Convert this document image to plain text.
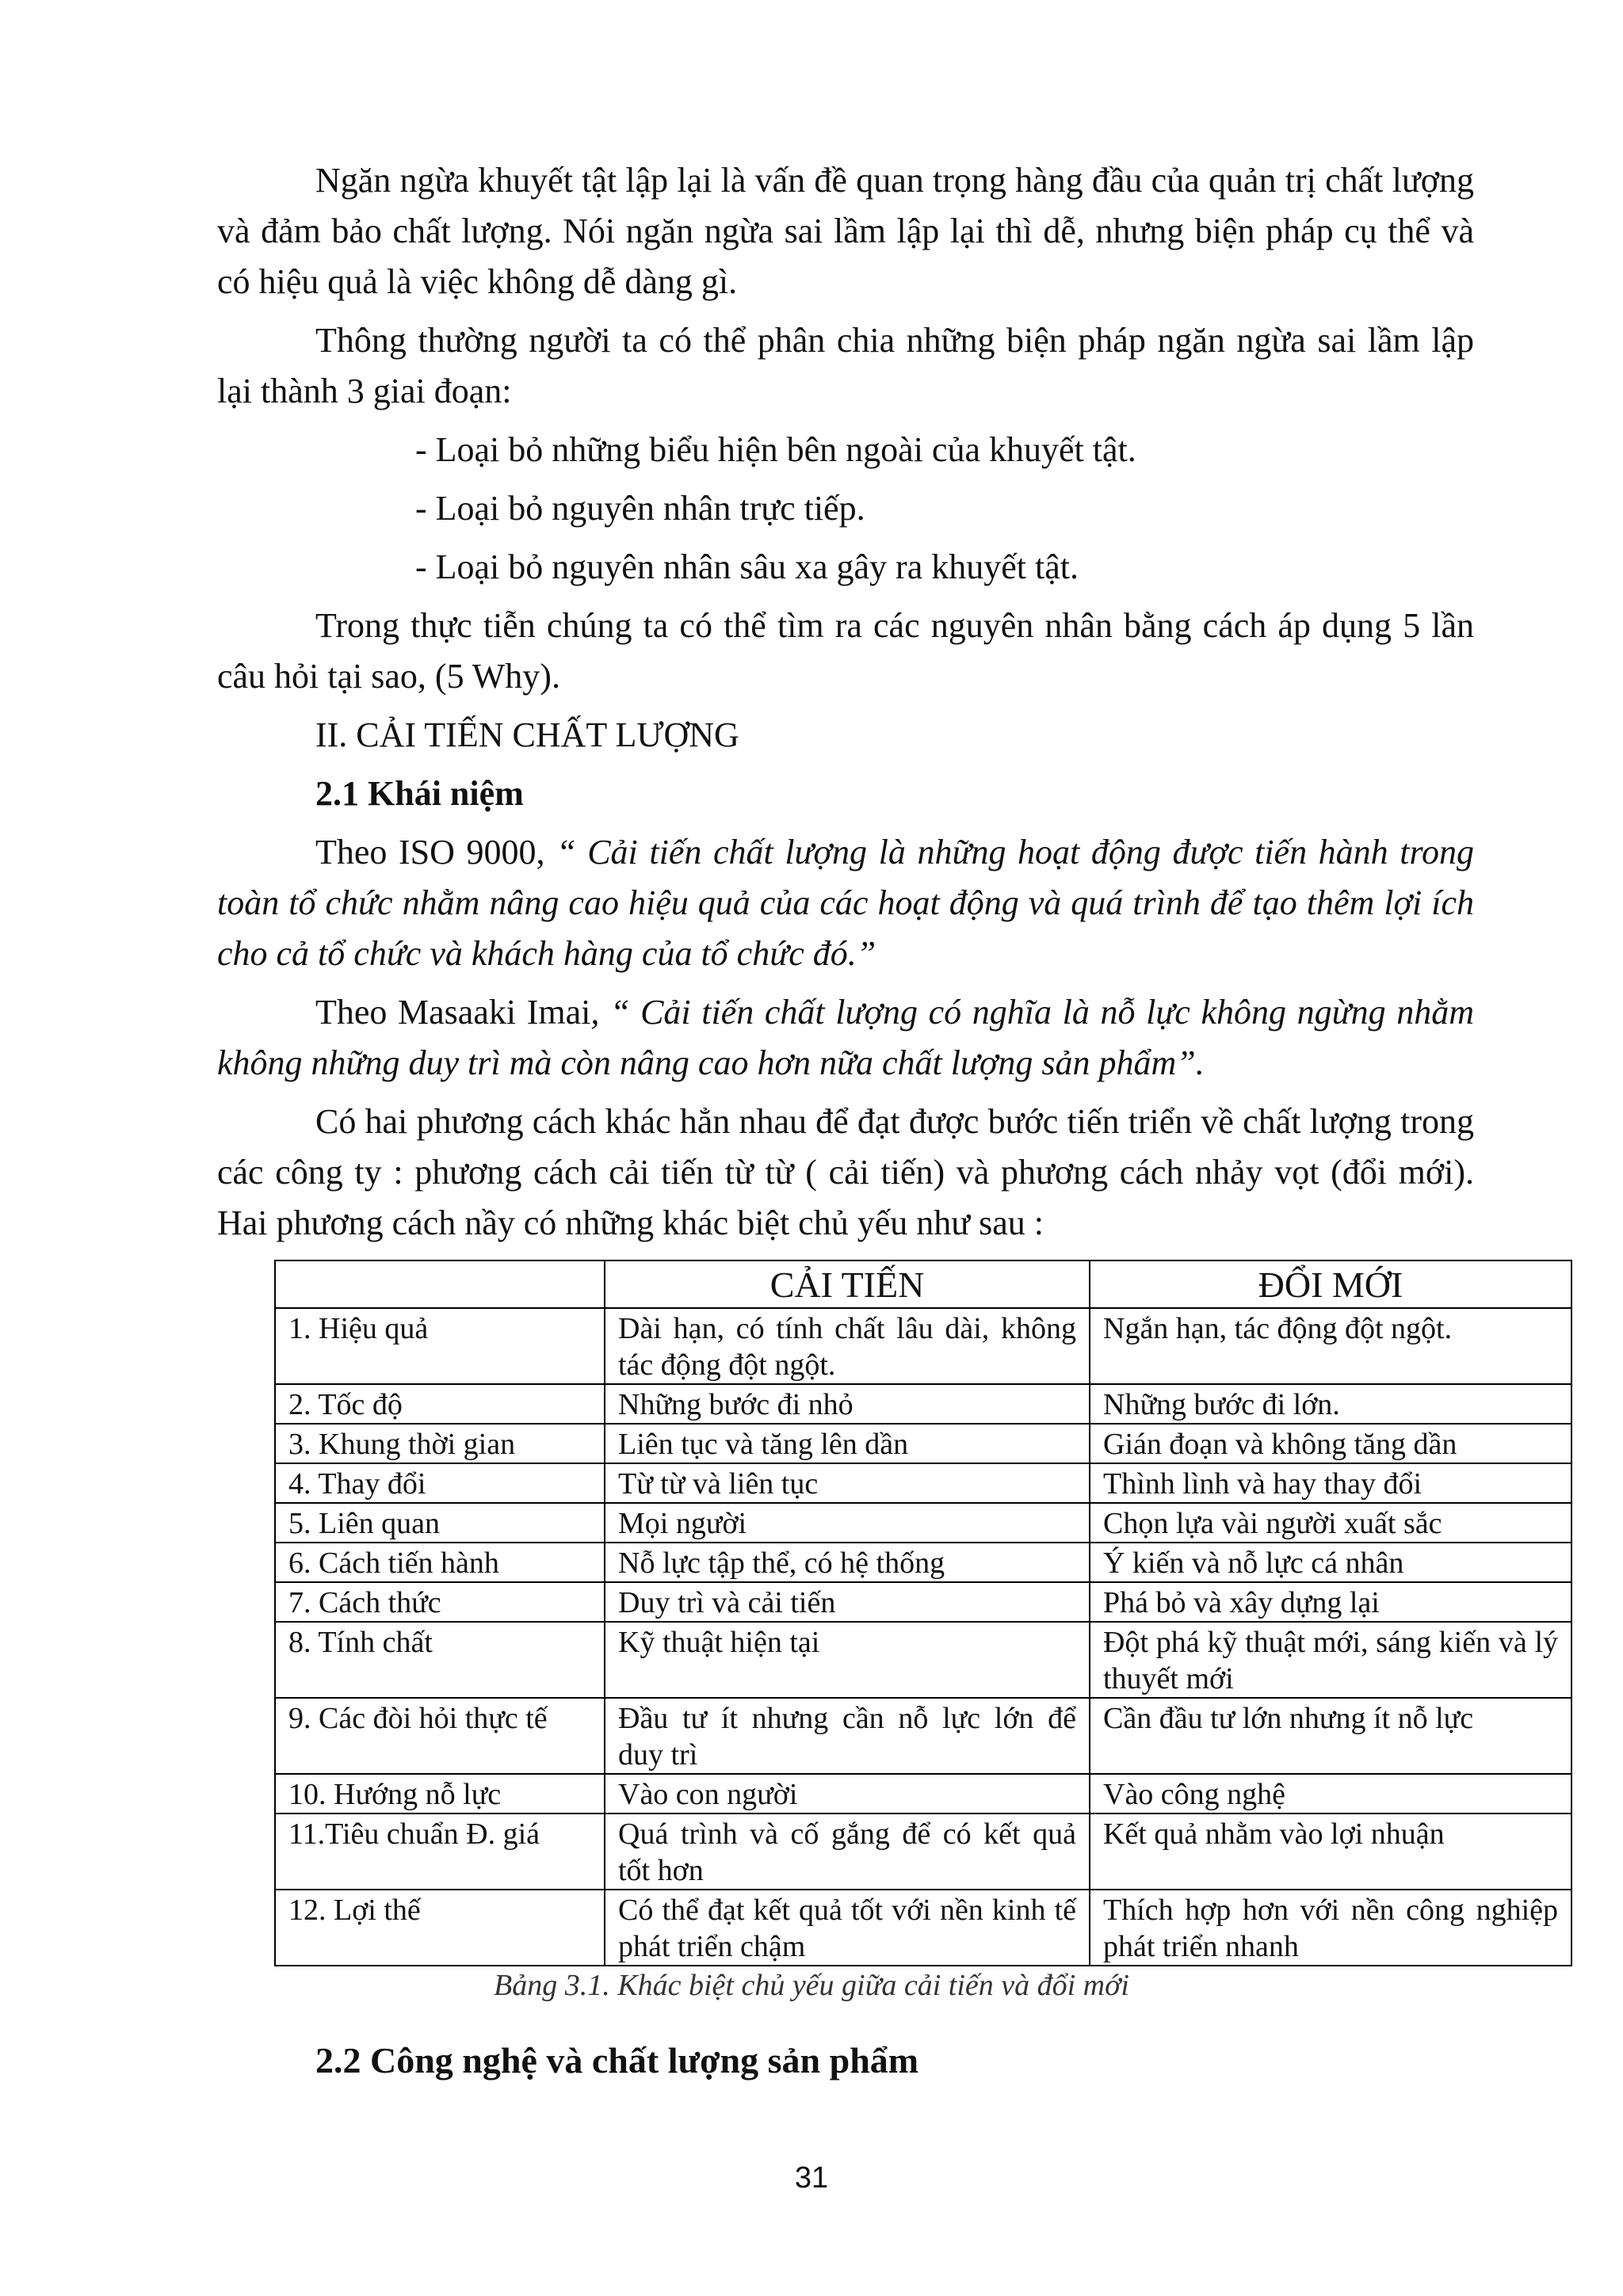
Ngăn ngừa khuyết tật lập lại là vấn đề quan trọng hàng đầu của quản trị chất lượng và đảm bảo chất lượng. Nói ngăn ngừa sai lầm lập lại thì dễ, nhưng biện pháp cụ thể và có hiệu quả là việc không dễ dàng gì.

Thông thường người ta có thể phân chia những biện pháp ngăn ngừa sai lầm lập lại thành 3 giai đoạn:

- Loại bỏ những biểu hiện bên ngoài của khuyết tật.

- Loại bỏ nguyên nhân trực tiếp.

- Loại bỏ nguyên nhân sâu xa gây ra khuyết tật.

Trong thực tiễn chúng ta có thể tìm ra các nguyên nhân bằng cách áp dụng 5 lần câu hỏi tại sao, (5 Why).

II. CẢI TIẾN CHẤT LƯỢNG

2.1 Khái niệm

Theo ISO 9000, “ Cải tiến chất lượng là những hoạt động được tiến hành trong toàn tổ chức nhằm nâng cao hiệu quả của các hoạt động và quá trình để tạo thêm lợi ích cho cả tổ chức và khách hàng của tổ chức đó.”

Theo Masaaki Imai, “ Cải tiến chất lượng có nghĩa là nỗ lực không ngừng nhằm không những duy trì mà còn nâng cao hơn nữa chất lượng sản phẩm”.

Có hai phương cách khác hẳn nhau để đạt được bước tiến triển về chất lượng trong các công ty : phương cách cải tiến từ từ ( cải tiến) và phương cách nhảy vọt (đổi mới). Hai phương cách nầy có những khác biệt chủ yếu như sau :

	CẢI TIẾN	ĐỔI MỚI
1. Hiệu quả	Dài hạn, có tính chất lâu dài, không tác động đột ngột.	Ngắn hạn, tác động đột ngột.
2. Tốc độ	Những bước đi nhỏ	Những bước đi lớn.
3. Khung thời gian	Liên tục và tăng lên dần	Gián đoạn và không tăng dần
4. Thay đổi	Từ từ và liên tục	Thình lình và hay thay đổi
5. Liên quan	Mọi người	Chọn lựa vài người xuất sắc
6. Cách tiến hành	Nỗ lực tập thể, có hệ thống	Ý kiến và nỗ lực cá nhân
7. Cách thức	Duy trì và cải tiến	Phá bỏ và xây dựng lại
8. Tính chất	Kỹ thuật hiện tại	Đột phá kỹ thuật mới, sáng kiến và lý thuyết mới
9. Các đòi hỏi thực tế	Đầu tư ít nhưng cần nỗ lực lớn để duy trì	Cần đầu tư lớn nhưng ít nỗ lực
10. Hướng nỗ lực	Vào con người	Vào công nghệ
11.Tiêu chuẩn Đ. giá	Quá trình và cố gắng để có kết quả tốt hơn	Kết quả nhằm vào lợi nhuận
12. Lợi thế	Có thể đạt kết quả tốt với nền kinh tế phát triển chậm	Thích hợp hơn với nền công nghiệp phát triển nhanh
Bảng 3.1. Khác biệt chủ yếu giữa cải tiến và đổi mới
2.2 Công nghệ và chất lượng sản phẩm
31
